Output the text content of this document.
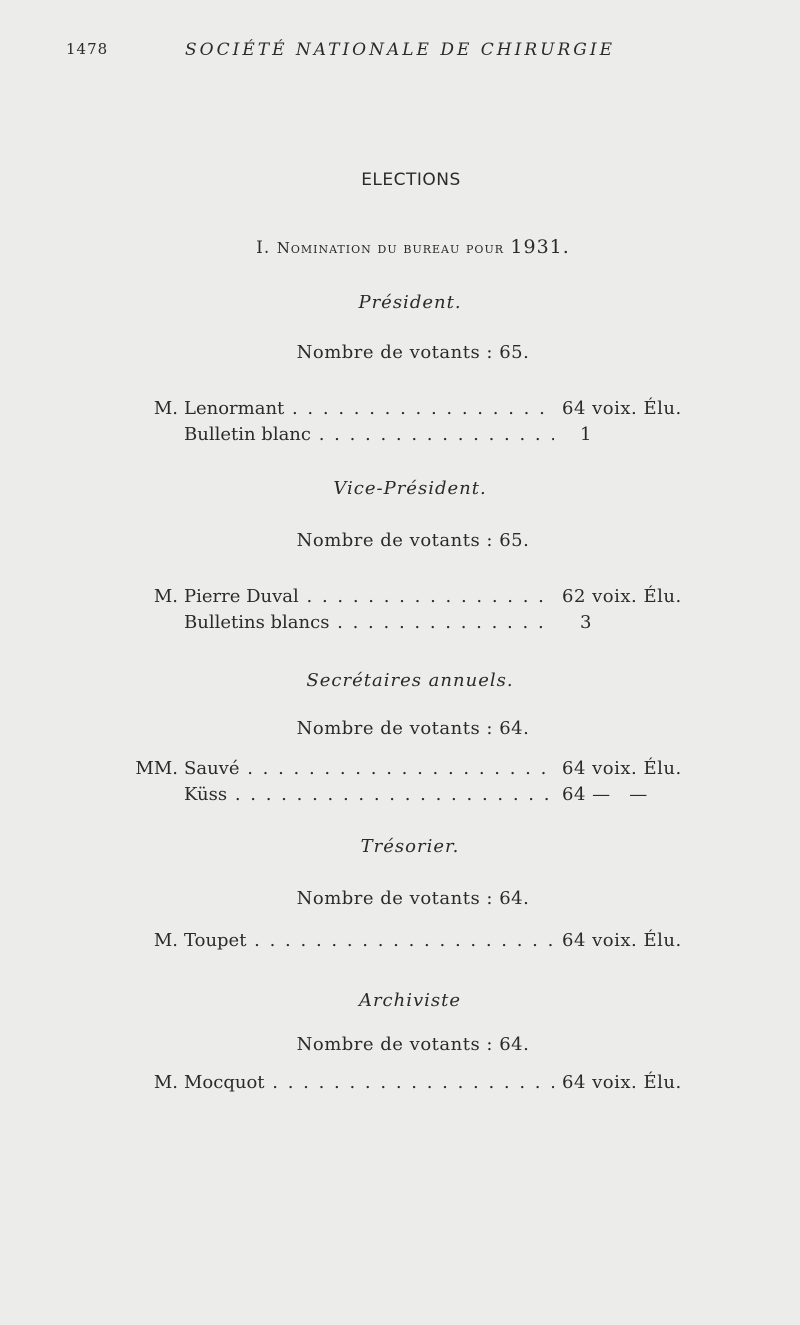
1478	SOCIÉTÉ NATIONALE DE CHIRURGIE
ELECTIONS
I. Nomination du bureau pour 1931.
Président.
Nombre de votants : 65.
M. Lenormant . . .	64 voix. Élu.
Bulletin blanc . . .	1
Vice-Président.
Nombre de votants : 65.
M. Pierre Duval . . .	62 voix. Élu.
Bulletins blancs . . .	3
Secrétaires annuels.
Nombre de votants : 64.
MM. Sauvé . . .	64 voix. Élu.
Küss . . .	64 —   —
Trésorier.
Nombre de votants : 64.
M. Toupet . . .	64 voix. Élu.
Archiviste
Nombre de votants : 64.
M. Mocquot . . .	64 voix. Élu.
